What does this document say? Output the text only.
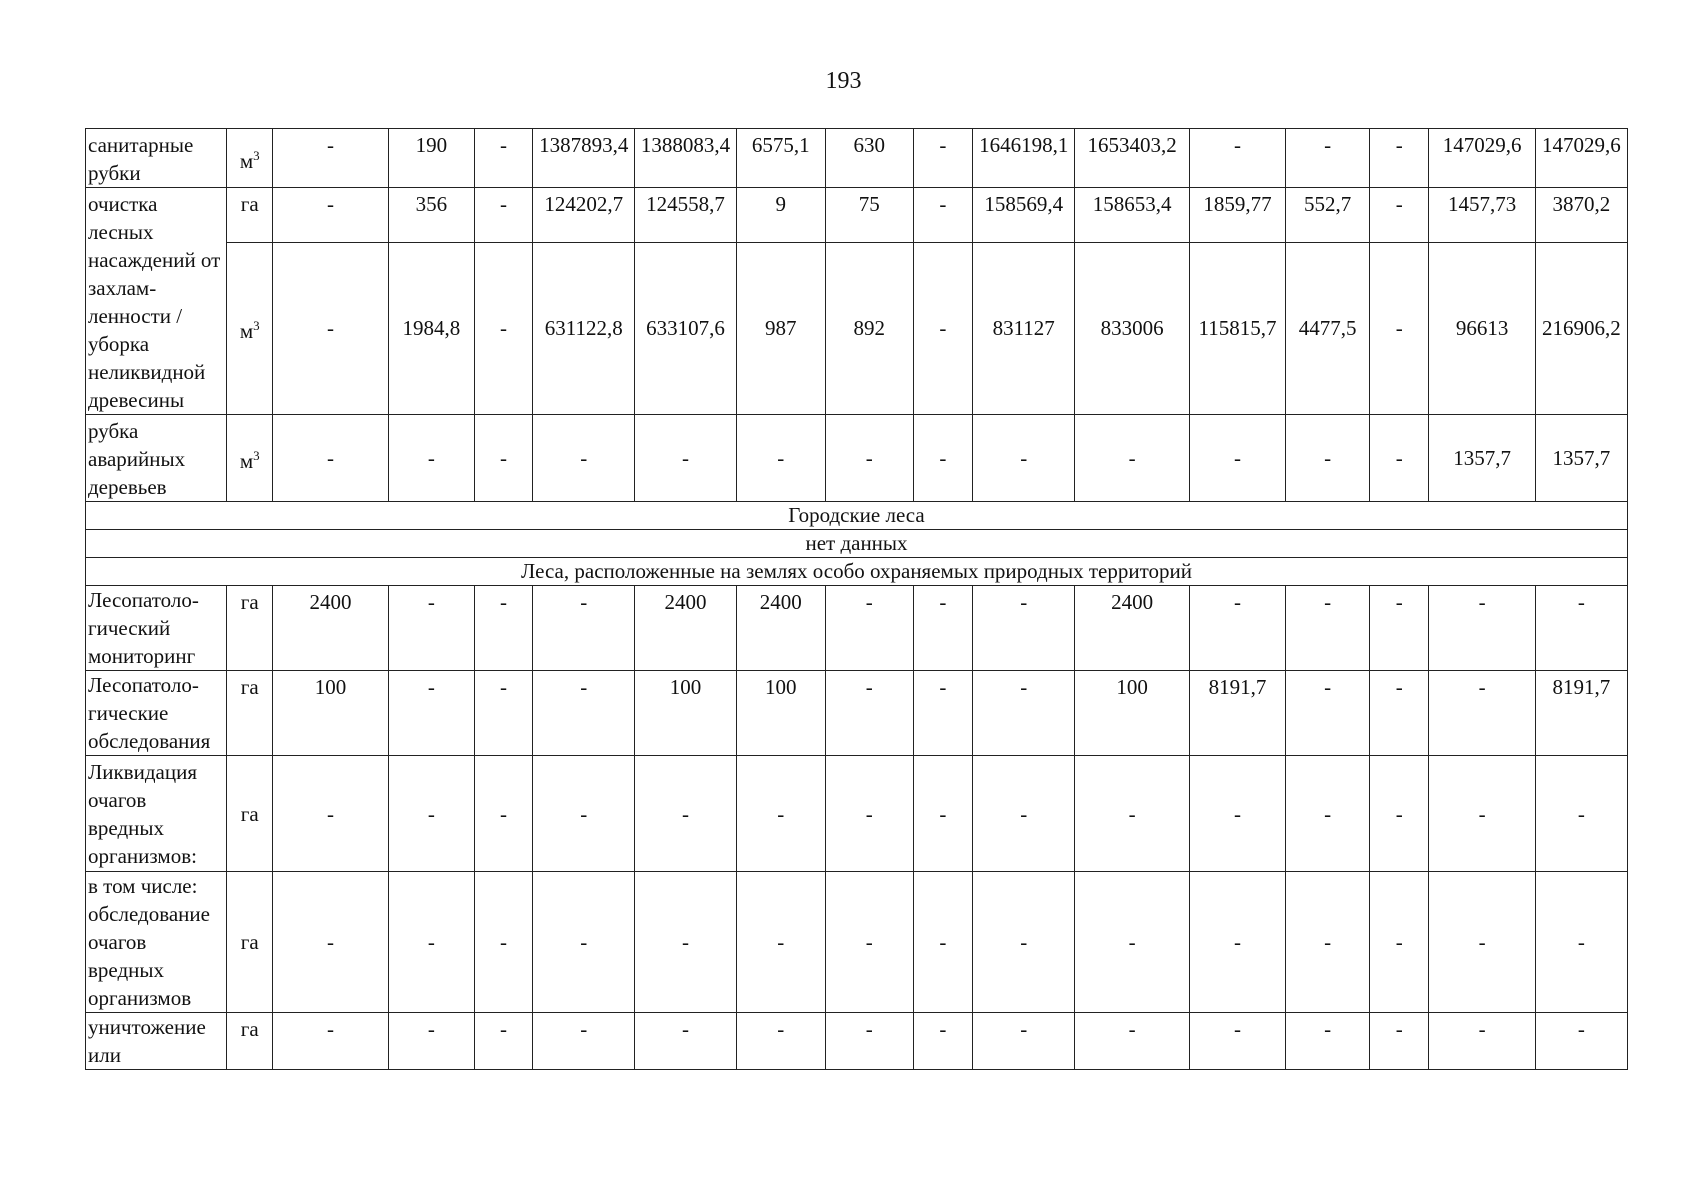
193
санитарные рубки	$м^3$	-	190	-	1387893,4	1388083,4	6575,1	630	-	1646198,1	1653403,2	-	-	-	147029,6	147029,6
очистка лесных насаждений от захлам-ленности / уборка неликвидной древесины	га	-	356	-	124202,7	124558,7	9	75	-	158569,4	158653,4	1859,77	552,7	-	1457,73	3870,2
	$м^3$	-	1984,8	-	631122,8	633107,6	987	892	-	831127	833006	115815,7	4477,5	-	96613	216906,2
рубка аварийных деревьев	$м^3$	-	-	-	-	-	-	-	-	-	-	-	-	-	1357,7	1357,7
Городские леса																
нет данных																
Леса, расположенные на землях особо охраняемых природных территорий																
Лесопатоло-гический мониторинг	га	2400	-	-	-	2400	2400	-	-	-	2400	-	-	-	-	-
Лесопатоло-гические обследования	га	100	-	-	-	100	100	-	-	-	100	8191,7	-	-	-	8191,7
Ликвидация очагов вредных организмов:	га	-	-	-	-	-	-	-	-	-	-	-	-	-	-	-
в том числе: обследование очагов вредных организмов	га	-	-	-	-	-	-	-	-	-	-	-	-	-	-	-
уничтожение или	га	-	-	-	-	-	-	-	-	-	-	-	-	-	-	-
